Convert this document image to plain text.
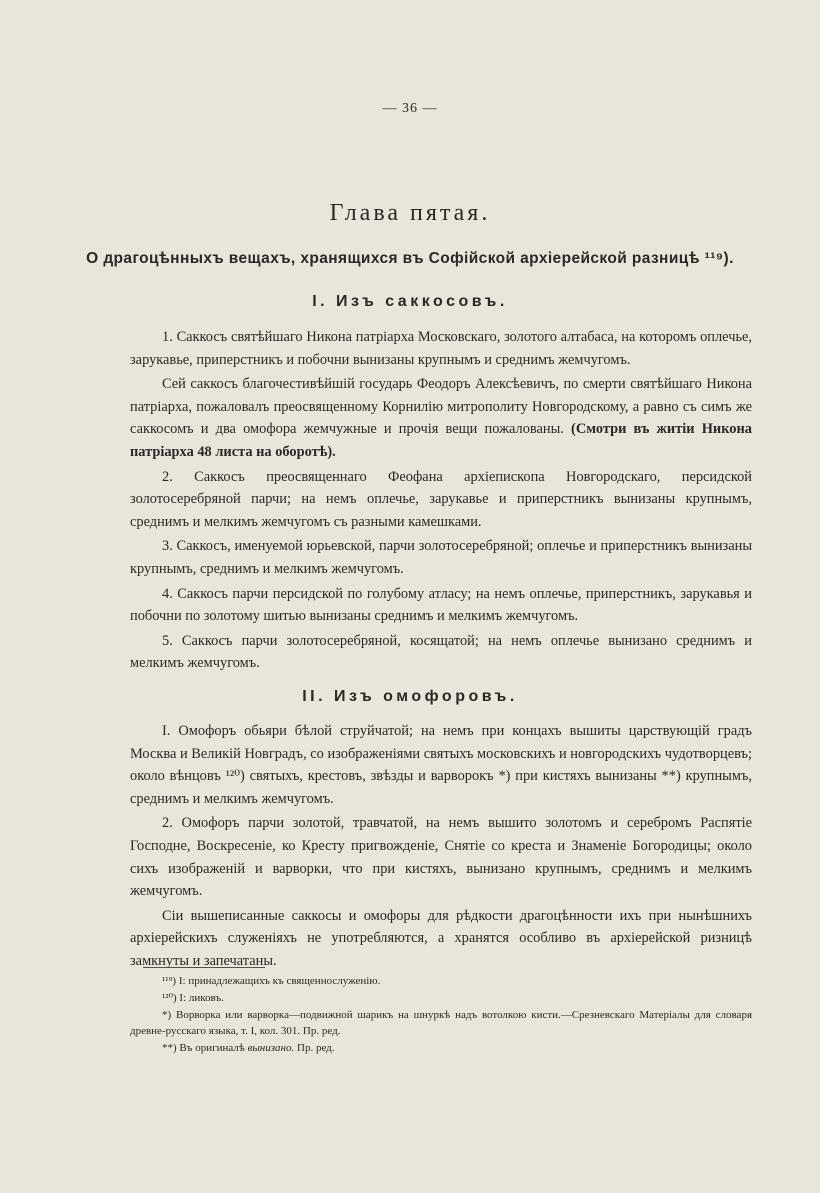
— 36 —
Глава пятая.
О драгоцѣнныхъ вещахъ, хранящихся въ Софійской архіерейской разницѣ ¹¹⁹).
I. Изъ саккосовъ.

1. Саккосъ святѣйшаго Никона патріарха Московскаго, золотого алтабаса, на которомъ оплечье, зарукавье, приперстникъ и побочни вынизаны крупнымъ и среднимъ жемчугомъ.

Сей саккосъ благочестивѣйшій государь Феодоръ Алексѣевичъ, по смерти святѣйшаго Никона патріарха, пожаловалъ преосвященному Корнилію митрополиту Новгородскому, а равно съ симъ же саккосомъ и два омофора жемчужные и прочія вещи пожалованы. (Смотри въ житіи Никона патріарха 48 листа на оборотѣ).

2. Саккосъ преосвященнаго Феофана архіепископа Новгородскаго, персидской золотосеребряной парчи; на немъ оплечье, зарукавье и приперстникъ вынизаны крупнымъ, среднимъ и мелкимъ жемчугомъ съ разными камешками.

3. Саккосъ, именуемой юрьевской, парчи золотосеребряной; оплечье и приперстникъ вынизаны крупнымъ, среднимъ и мелкимъ жемчугомъ.

4. Саккосъ парчи персидской по голубому атласу; на немъ оплечье, приперстникъ, зарукавья и побочни по золотому шитью вынизаны среднимъ и мелкимъ жемчугомъ.

5. Саккосъ парчи золотосеребряной, косящатой; на немъ оплечье вынизано среднимъ и мелкимъ жемчугомъ.

II. Изъ омофоровъ.

I. Омофоръ обьяри бѣлой струйчатой; на немъ при концахъ вышиты царствующій градъ Москва и Великій Новградъ, со изображеніями святыхъ московскихъ и новгородскихъ чудотворцевъ; около вѣнцовъ ¹²⁰) святыхъ, крестовъ, звѣзды и варворокъ *) при кистяхъ вынизаны **) крупнымъ, среднимъ и мелкимъ жемчугомъ.

2. Омофоръ парчи золотой, травчатой, на немъ вышито золотомъ и серебромъ Распятіе Господне, Воскресеніе, ко Кресту пригвожденіе, Снятіе со креста и Знаменіе Богородицы; около сихъ изображеній и варворки, что при кистяхъ, вынизано крупнымъ, среднимъ и мелкимъ жемчугомъ.

Сіи вышеписанные саккосы и омофоры для рѣдкости драгоцѣнности ихъ при нынѣшнихъ архіерейскихъ служеніяхъ не употребляются, а хранятся особливо въ архіерейской ризницѣ замкнуты и запечатаны.

¹¹⁹) I: принадлежащихъ къ священнослуженію.

¹²⁰) I: ликовъ.

*) Ворворка или варворка—подвижной шарикъ на шнуркѣ надъ вотолкою кисти.—Срезневскаго Матеріалы для словаря древне-русскаго языка, т. I, кол. 301. Пр. ред.

**) Въ оригиналѣ вынизано. Пр. ред.
